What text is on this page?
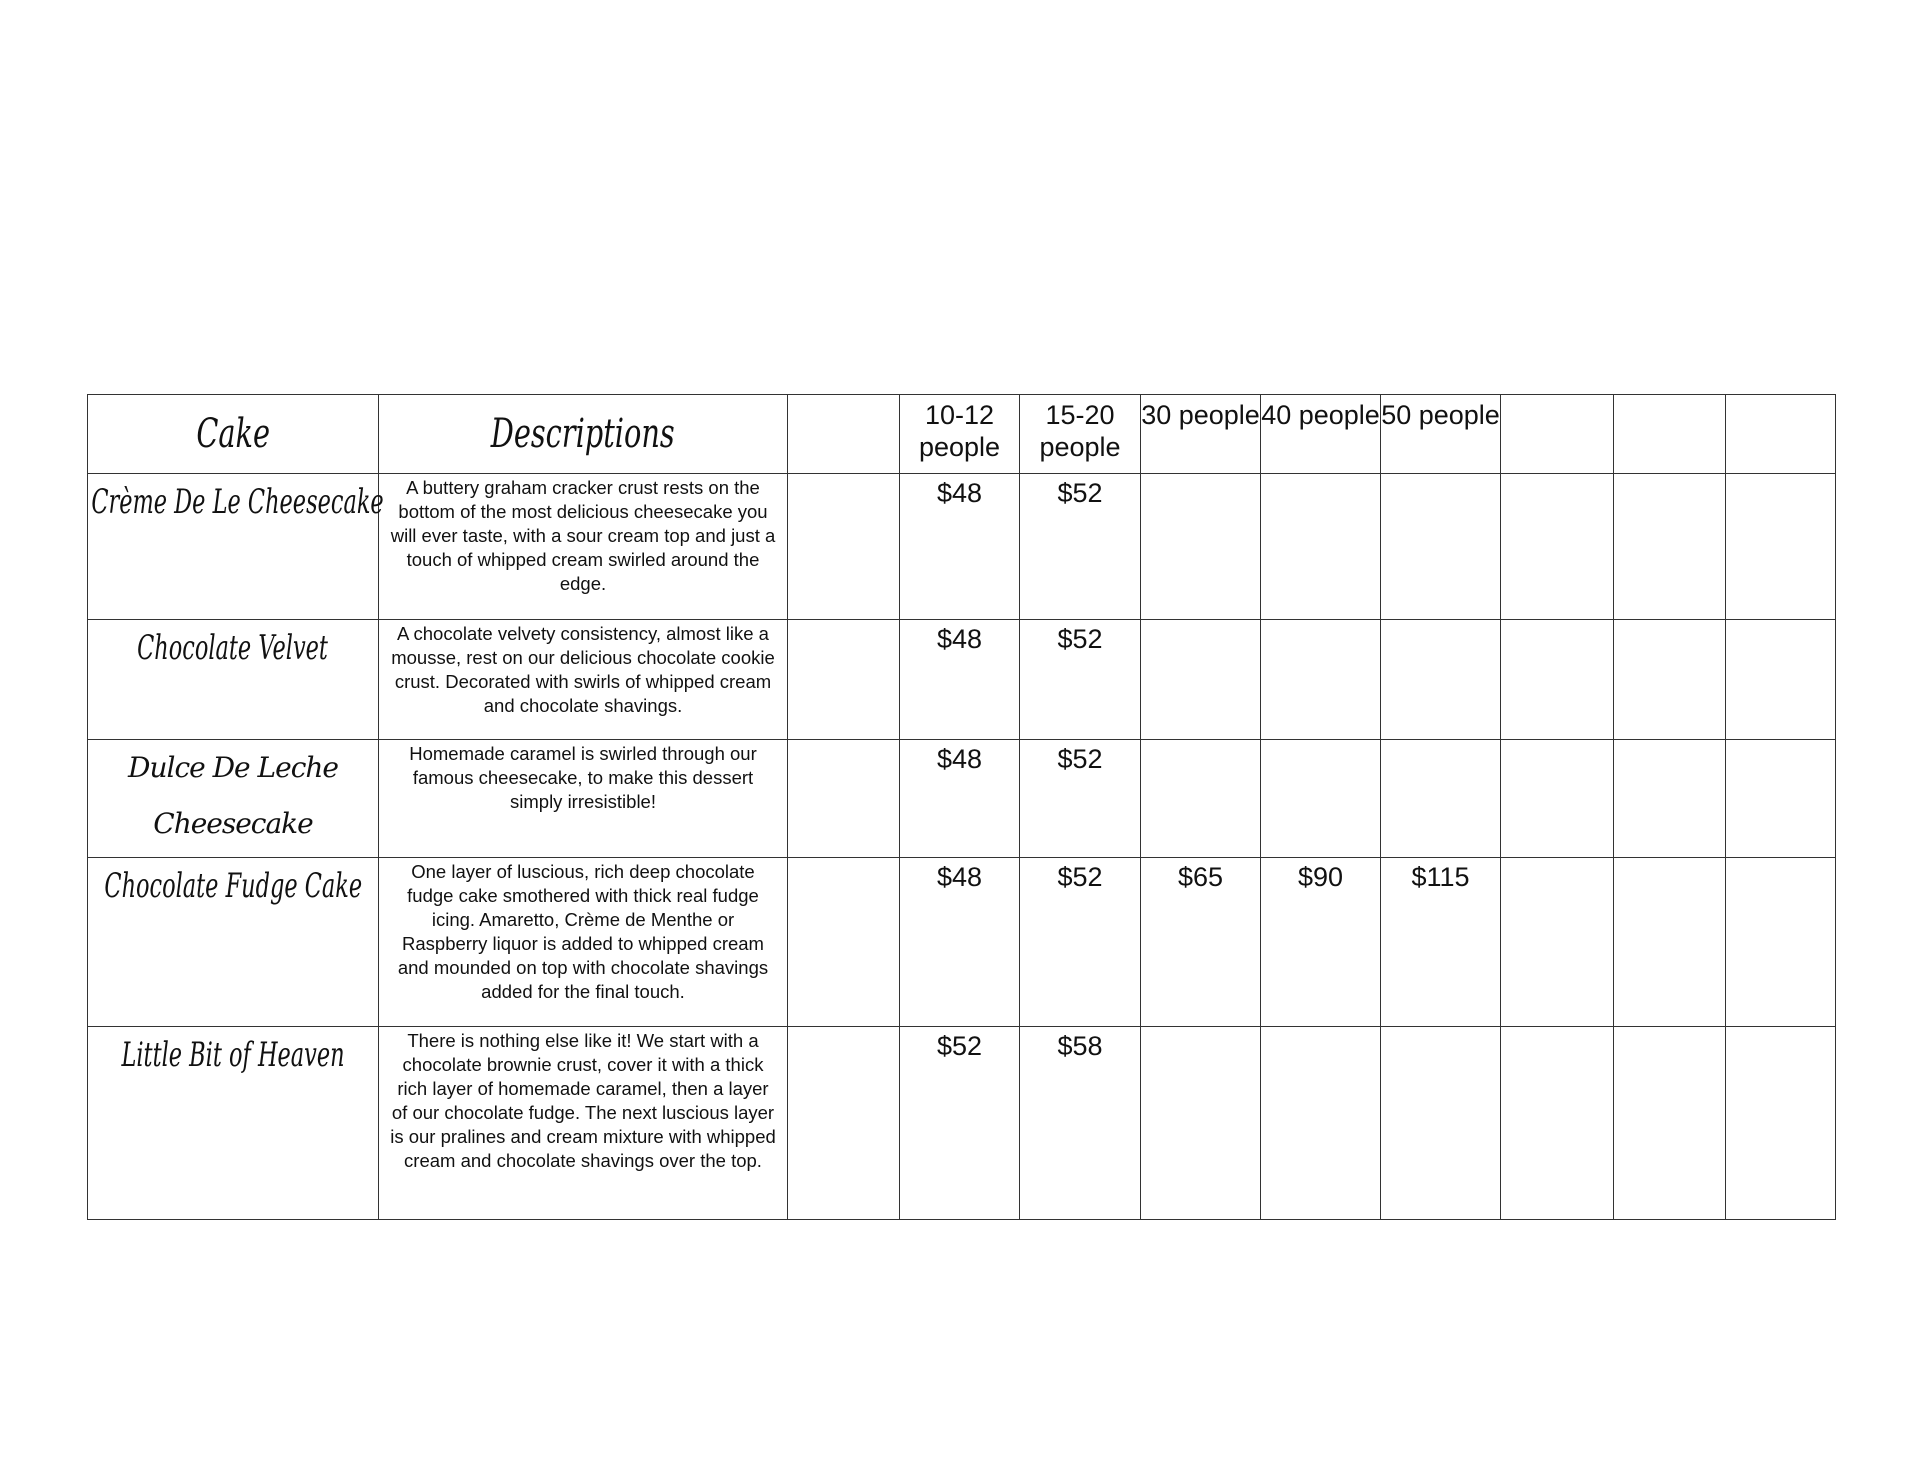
Cake	Descriptions		10-12 people	15-20 people	30 people	40 people	50 people			

Crème De Le Cheesecake	A buttery graham cracker crust rests on the bottom of the most delicious cheesecake you will ever taste, with a sour cream top and just a touch of whipped cream swirled around the edge.		$48	$52						

Chocolate Velvet	A chocolate velvety consistency, almost like a mousse, rest on our delicious chocolate cookie crust. Decorated with swirls of whipped cream and chocolate shavings.		$48	$52						

Dulce De Leche Cheesecake	Homemade caramel is swirled through our famous cheesecake, to make this dessert simply irresistible!		$48	$52						

Chocolate Fudge Cake	One layer of luscious, rich deep chocolate fudge cake smothered with thick real fudge icing. Amaretto, Crème de Menthe or Raspberry liquor is added to whipped cream and mounded on top with chocolate shavings added for the final touch.		$48	$52	$65	$90	$115			

Little Bit of Heaven	There is nothing else like it! We start with a chocolate brownie crust, cover it with a thick rich layer of homemade caramel, then a layer of our chocolate fudge. The next luscious layer is our pralines and cream mixture with whipped cream and chocolate shavings over the top.		$52	$58						
